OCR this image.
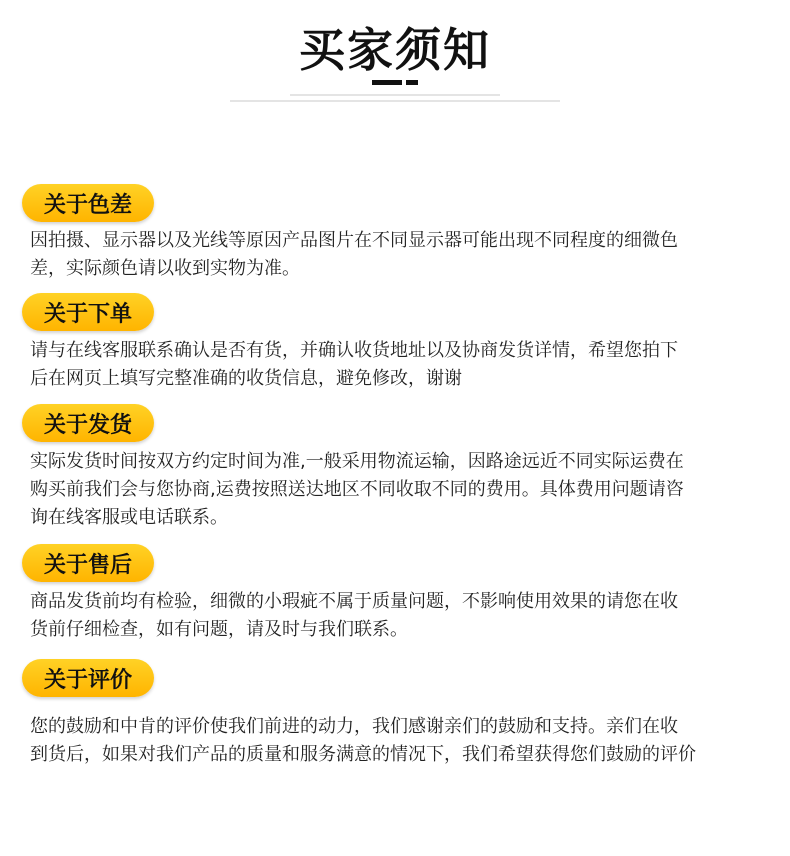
买家须知
关于色差
因拍摄、显示器以及光线等原因产品图片在不同显示器可能出现不同程度的细微色
差，实际颜色请以收到实物为准。
关于下单
请与在线客服联系确认是否有货，并确认收货地址以及协商发货详情，希望您拍下
后在网页上填写完整准确的收货信息，避免修改，谢谢
关于发货
实际发货时间按双方约定时间为准,一般采用物流运输，因路途远近不同实际运费在
购买前我们会与您协商,运费按照送达地区不同收取不同的费用。具体费用问题请咨
询在线客服或电话联系。
关于售后
商品发货前均有检验，细微的小瑕疵不属于质量问题，不影响使用效果的请您在收
货前仔细检查，如有问题，请及时与我们联系。
关于评价
您的鼓励和中肯的评价使我们前进的动力，我们感谢亲们的鼓励和支持。亲们在收
到货后，如果对我们产品的质量和服务满意的情况下，我们希望获得您们鼓励的评价
